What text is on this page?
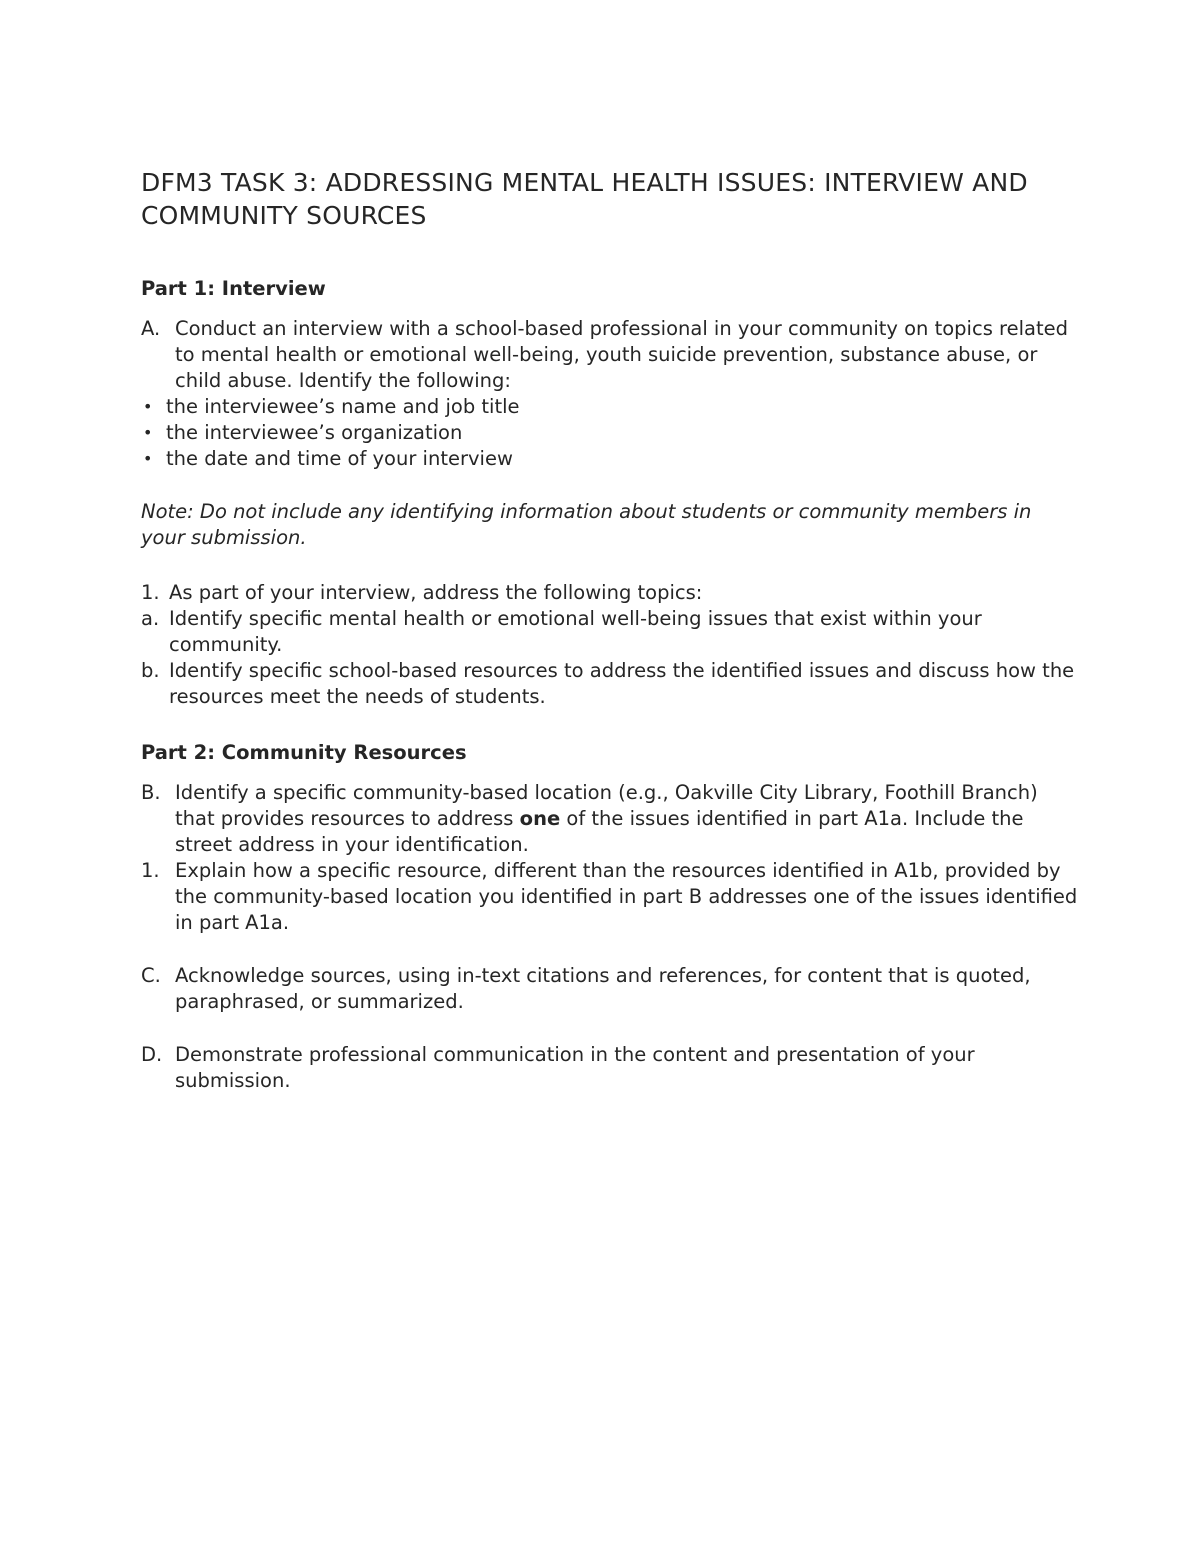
DFM3 TASK 3: ADDRESSING MENTAL HEALTH ISSUES: INTERVIEW AND COMMUNITY SOURCES
Part 1: Interview
A. Conduct an interview with a school-based professional in your community on topics related to mental health or emotional well-being, youth suicide prevention, substance abuse, or child abuse. Identify the following:
• the interviewee’s name and job title
• the interviewee’s organization
• the date and time of your interview
Note: Do not include any identifying information about students or community members in your submission.
1. As part of your interview, address the following topics:
a. Identify specific mental health or emotional well-being issues that exist within your community.
b. Identify specific school-based resources to address the identified issues and discuss how the resources meet the needs of students.
Part 2: Community Resources
B. Identify a specific community-based location (e.g., Oakville City Library, Foothill Branch) that provides resources to address one of the issues identified in part A1a. Include the street address in your identification.
1. Explain how a specific resource, different than the resources identified in A1b, provided by the community-based location you identified in part B addresses one of the issues identified in part A1a.
C. Acknowledge sources, using in-text citations and references, for content that is quoted, paraphrased, or summarized.
D. Demonstrate professional communication in the content and presentation of your submission.
